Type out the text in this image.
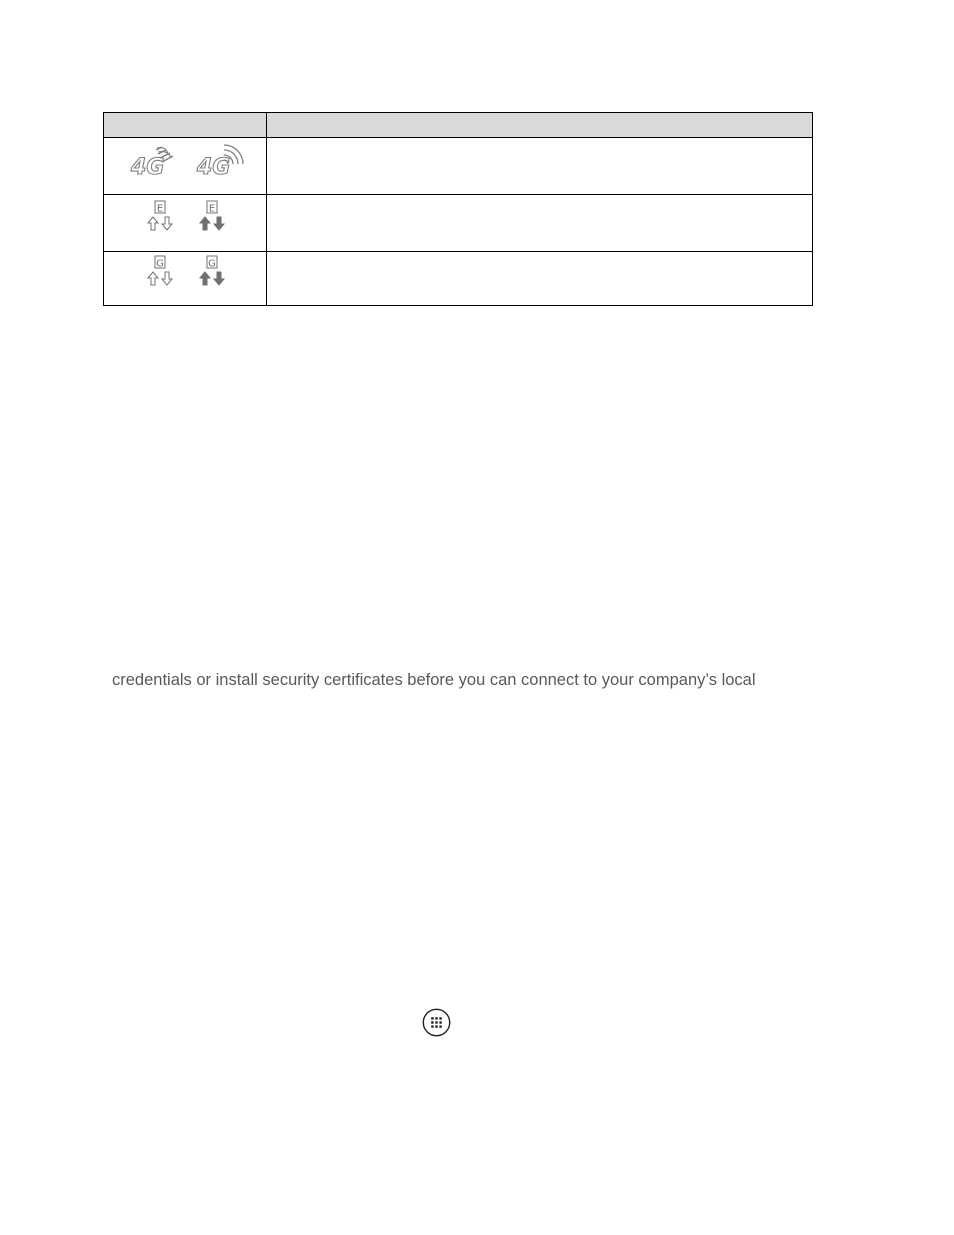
4G 4G	

E E	

G G	

credentials or install security certificates before you can connect to your company’s local
